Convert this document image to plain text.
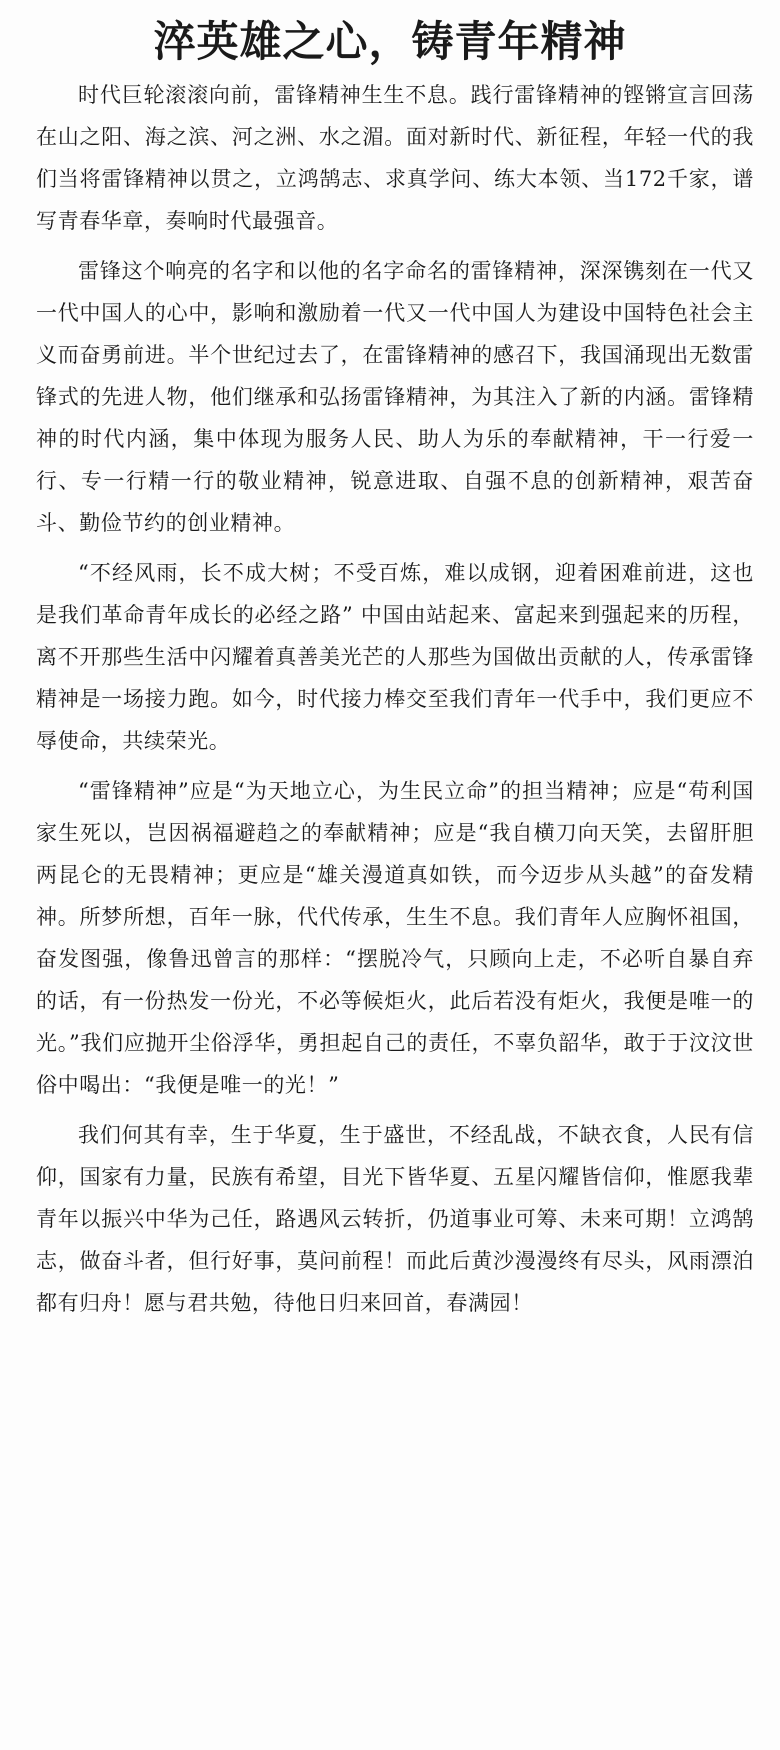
淬英雄之心，铸青年精神

时代巨轮滚滚向前，雷锋精神生生不息。践行雷锋精神的铿锵宣言回荡在山之阳、海之滨、河之洲、水之湄。面对新时代、新征程，年轻一代的我们当将雷锋精神以贯之，立鸿鹄志、求真学问、练大本领、当172千家，谱写青春华章，奏响时代最强音。

雷锋这个响亮的名字和以他的名字命名的雷锋精神，深深镌刻在一代又一代中国人的心中，影响和激励着一代又一代中国人为建设中国特色社会主义而奋勇前进。半个世纪过去了，在雷锋精神的感召下，我国涌现出无数雷锋式的先进人物，他们继承和弘扬雷锋精神，为其注入了新的内涵。雷锋精神的时代内涵，集中体现为服务人民、助人为乐的奉献精神，干一行爱一行、专一行精一行的敬业精神，锐意进取、自强不息的创新精神，艰苦奋斗、勤俭节约的创业精神。

“不经风雨，长不成大树；不受百炼，难以成钢，迎着困难前进，这也是我们革命青年成长的必经之路” 中国由站起来、富起来到强起来的历程，离不开那些生活中闪耀着真善美光芒的人那些为国做出贡献的人，传承雷锋精神是一场接力跑。如今，时代接力棒交至我们青年一代手中，我们更应不辱使命，共续荣光。

“雷锋精神”应是“为天地立心，为生民立命”的担当精神；应是“苟利国家生死以，岂因祸福避趋之的奉献精神；应是“我自横刀向天笑，去留肝胆两昆仑的无畏精神；更应是“雄关漫道真如铁，而今迈步从头越”的奋发精神。所梦所想，百年一脉，代代传承，生生不息。我们青年人应胸怀祖国，奋发图强，像鲁迅曾言的那样：“摆脱冷气，只顾向上走，不必听自暴自弃的话，有一份热发一份光，不必等候炬火，此后若没有炬火，我便是唯一的光。”我们应抛开尘俗浮华，勇担起自己的责任，不辜负韶华，敢于于汶汶世俗中喝出：“我便是唯一的光！”

我们何其有幸，生于华夏，生于盛世，不经乱战，不缺衣食，人民有信仰，国家有力量，民族有希望，目光下皆华夏、五星闪耀皆信仰，惟愿我辈青年以振兴中华为己任，路遇风云转折，仍道事业可筹、未来可期！立鸿鹄志，做奋斗者，但行好事，莫问前程！而此后黄沙漫漫终有尽头，风雨漂泊都有归舟！愿与君共勉，待他日归来回首，春满园！
